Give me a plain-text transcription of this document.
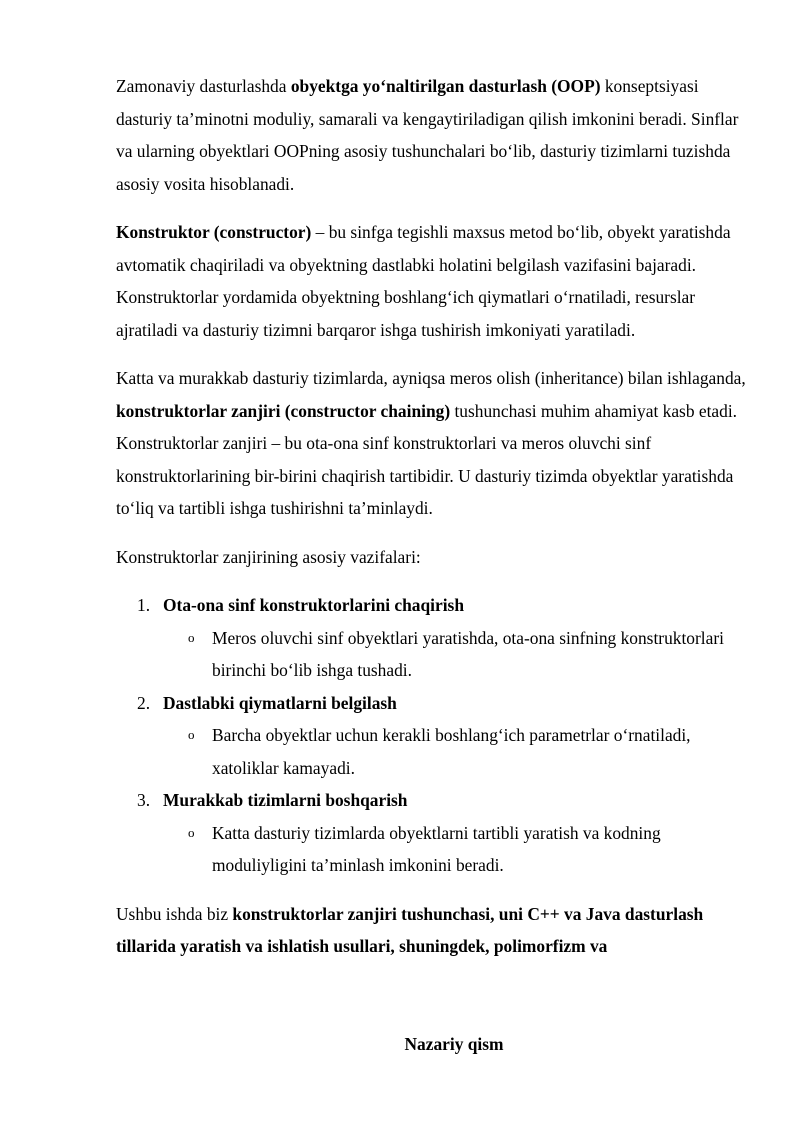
Zamonaviy dasturlashda obyektga yo‘naltirilgan dasturlash (OOP) konseptsiyasi dasturiy ta’minotni moduliy, samarali va kengaytiriladigan qilish imkonini beradi. Sinflar va ularning obyektlari OOPning asosiy tushunchalari bo‘lib, dasturiy tizimlarni tuzishda asosiy vosita hisoblanadi.

Konstruktor (constructor) – bu sinfga tegishli maxsus metod bo‘lib, obyekt yaratishda avtomatik chaqiriladi va obyektning dastlabki holatini belgilash vazifasini bajaradi. Konstruktorlar yordamida obyektning boshlang‘ich qiymatlari o‘rnatiladi, resurslar ajratiladi va dasturiy tizimni barqaror ishga tushirish imkoniyati yaratiladi.

Katta va murakkab dasturiy tizimlarda, ayniqsa meros olish (inheritance) bilan ishlaganda, konstruktorlar zanjiri (constructor chaining) tushunchasi muhim ahamiyat kasb etadi. Konstruktorlar zanjiri – bu ota-ona sinf konstruktorlari va meros oluvchi sinf konstruktorlarining bir-birini chaqirish tartibidir. U dasturiy tizimda obyektlar yaratishda to‘liq va tartibli ishga tushirishni ta’minlaydi.

Konstruktorlar zanjirining asosiy vazifalari:

1. Ota-ona sinf konstruktorlarini chaqirish
o Meros oluvchi sinf obyektlari yaratishda, ota-ona sinfning konstruktorlari birinchi bo‘lib ishga tushadi.
2. Dastlabki qiymatlarni belgilash
o Barcha obyektlar uchun kerakli boshlang‘ich parametrlar o‘rnatiladi, xatoliklar kamayadi.
3. Murakkab tizimlarni boshqarish
o Katta dasturiy tizimlarda obyektlarni tartibli yaratish va kodning moduliyligini ta’minlash imkonini beradi.

Ushbu ishda biz konstruktorlar zanjiri tushunchasi, uni C++ va Java dasturlash tillarida yaratish va ishlatish usullari, shuningdek, polimorfizm va

Nazariy qism
